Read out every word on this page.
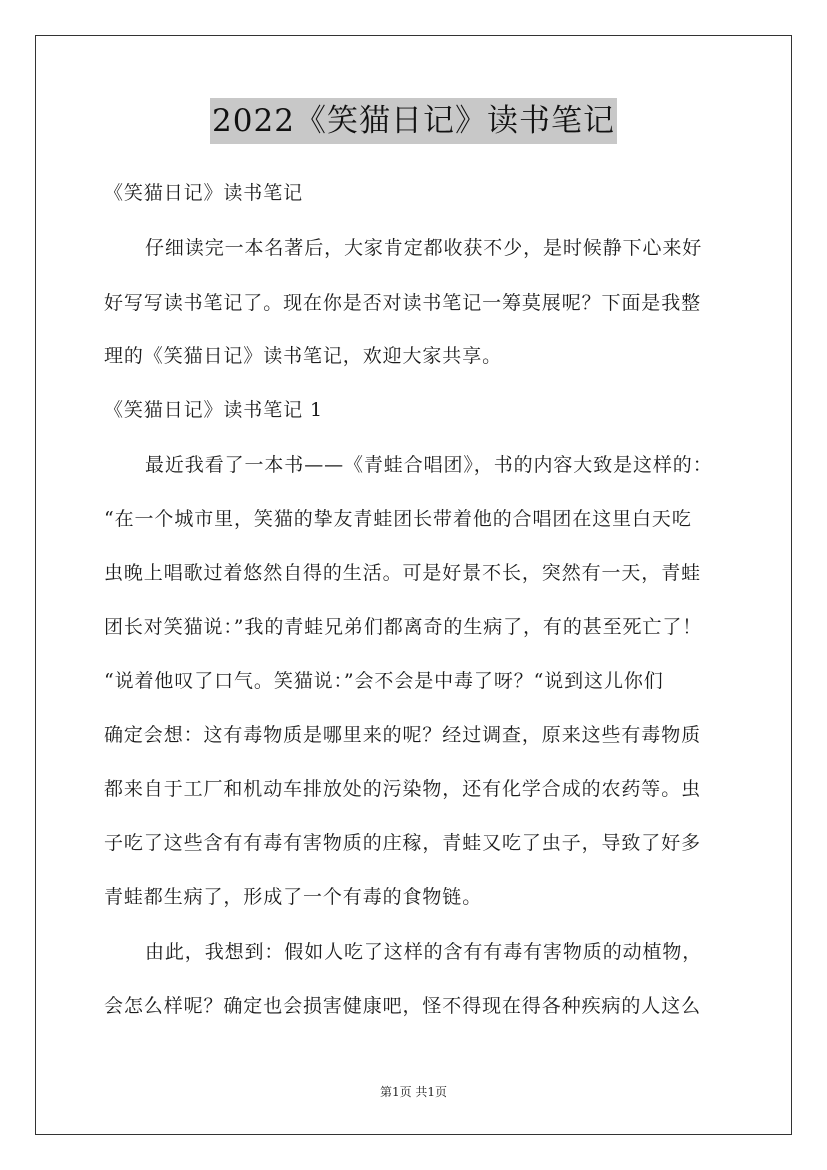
2022《笑猫日记》读书笔记
《笑猫日记》读书笔记
仔细读完一本名著后，大家肯定都收获不少，是时候静下心来好
好写写读书笔记了。现在你是否对读书笔记一筹莫展呢？下面是我整
理的《笑猫日记》读书笔记，欢迎大家共享。
《笑猫日记》读书笔记 1
最近我看了一本书——《青蛙合唱团》，书的内容大致是这样的：
“在一个城市里，笑猫的挚友青蛙团长带着他的合唱团在这里白天吃
虫晚上唱歌过着悠然自得的生活。可是好景不长，突然有一天，青蛙
团长对笑猫说：”我的青蛙兄弟们都离奇的生病了，有的甚至死亡了！
“说着他叹了口气。笑猫说：”会不会是中毒了呀？“说到这儿你们
确定会想：这有毒物质是哪里来的呢？经过调查，原来这些有毒物质
都来自于工厂和机动车排放处的污染物，还有化学合成的农药等。虫
子吃了这些含有有毒有害物质的庄稼，青蛙又吃了虫子，导致了好多
青蛙都生病了，形成了一个有毒的食物链。
由此，我想到：假如人吃了这样的含有有毒有害物质的动植物，
会怎么样呢？确定也会损害健康吧，怪不得现在得各种疾病的人这么
第1页 共1页
